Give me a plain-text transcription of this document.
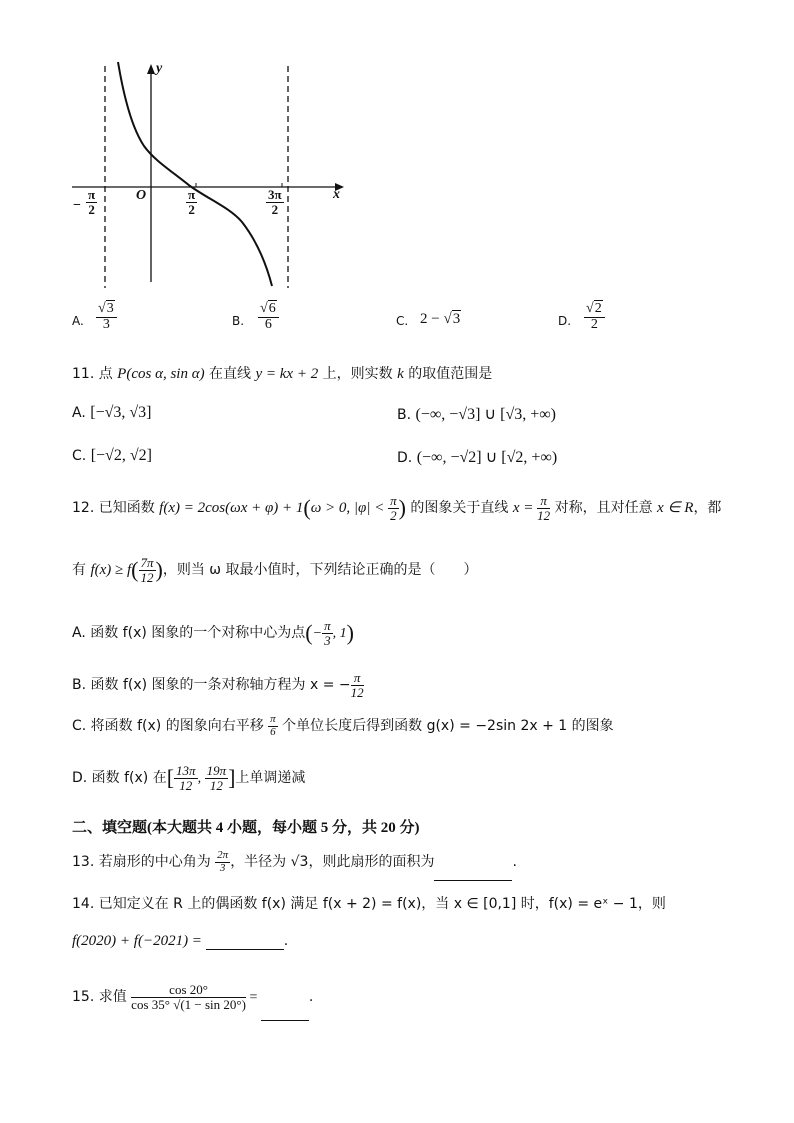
y
x
O
− $\frac{\pi}{2}$	$\frac{\pi}{2}$	$\frac{3\pi}{2}$
A. $\frac{√3}{3}$	B. $\frac{√6}{6}$	C. 2 − √3	D. $\frac{√2}{2}$
11. 点 P(cos α, sin α) 在直线 y = kx + 2 上，则实数 k 的取值范围是
A. [−√3, √3]	B. (−∞, −√3] ∪ [√3, +∞)
C. [−√2, √2]	D. (−∞, −√2] ∪ [√2, +∞)
12. 已知函数 f(x) = 2cos(ωx + φ) + 1(ω > 0, $|\varphi| < \frac{\pi}{2}$ ) 的图象关于直线 $x = \frac{\pi}{12}$ 对称，且对任意 x ∈ R，都
有 $f(x) \ge f( \frac{7\pi}{12}$ )，则当 ω 取最小值时，下列结论正确的是（　　）
A. 函数 f(x) 图象的一个对称中心为点(− $\frac{\pi}{3}$ , 1)
B. 函数 f(x) 图象的一条对称轴方程为 x = − $\frac{\pi}{12}$
C. 将函数 f(x) 的图象向右平移 $\frac{\pi}{6}$ 个单位长度后得到函数 g(x) = −2sin 2x + 1 的图象
D. 函数 f(x) 在[ $\frac{13\pi}{12}$ , $\frac{19\pi}{12}$ ]上单调递减
二、填空题(本大题共 4 小题，每小题 5 分，共 20 分)
13. 若扇形的中心角为 $\frac{2\pi}{3}$ ，半径为 √3，则此扇形的面积为	.
14. 已知定义在 R 上的偶函数 f(x) 满足 f(x + 2) = f(x)，当 x ∈ [0,1] 时，f(x) = eˣ − 1，则
f(2020) + f(−2021) =	.
15. 求值 $\frac{\cos 20^\circ}{\cos 35^\circ √(1 - \sin 20^\circ)}$ =	.
